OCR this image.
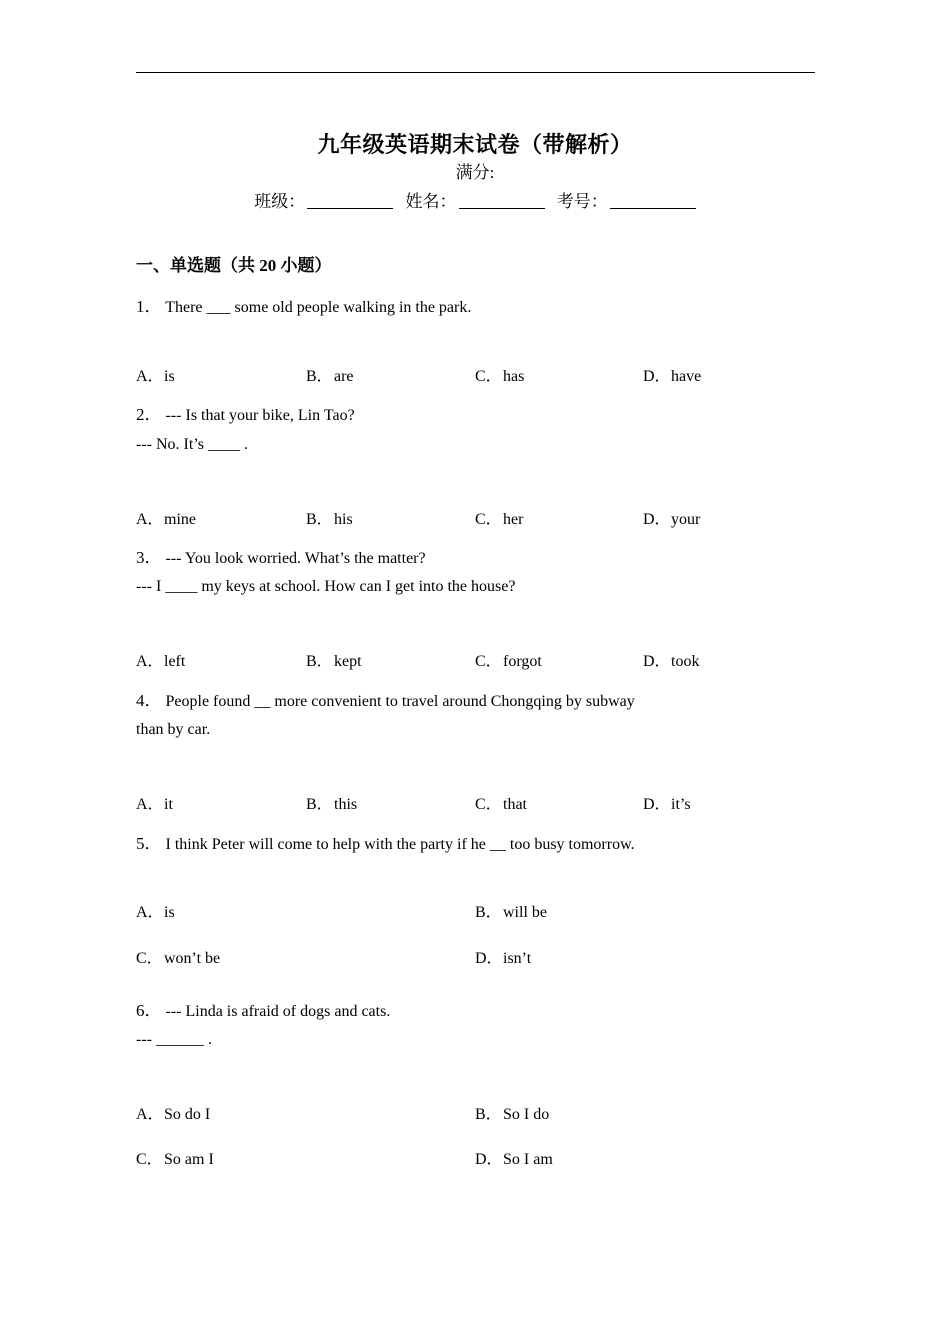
九年级英语期末试卷（带解析）
满分:
班级：	姓名：	考号：
一、单选题（共 20 小题）
1． There ___ some old people walking in the park.
A．is	B．are	C．has	D．have
2． --- Is that your bike, Lin Tao?
--- No. It’s ____ .
A．mine	B．his	C．her	D．your
3． --- You look worried. What’s the matter?
--- I ____ my keys at school. How can I get into the house?
A．left	B．kept	C．forgot	D．took
4． People found __ more convenient to travel around Chongqing by subway
than by car.
A．it	B．this	C．that	D．it’s
5． I think Peter will come to help with the party if he __ too busy tomorrow.
A．is	B．will be
C．won’t be	D．isn’t
6． --- Linda is afraid of dogs and cats.
--- ______ .
A．So do I	B．So I do
C．So am I	D．So I am
